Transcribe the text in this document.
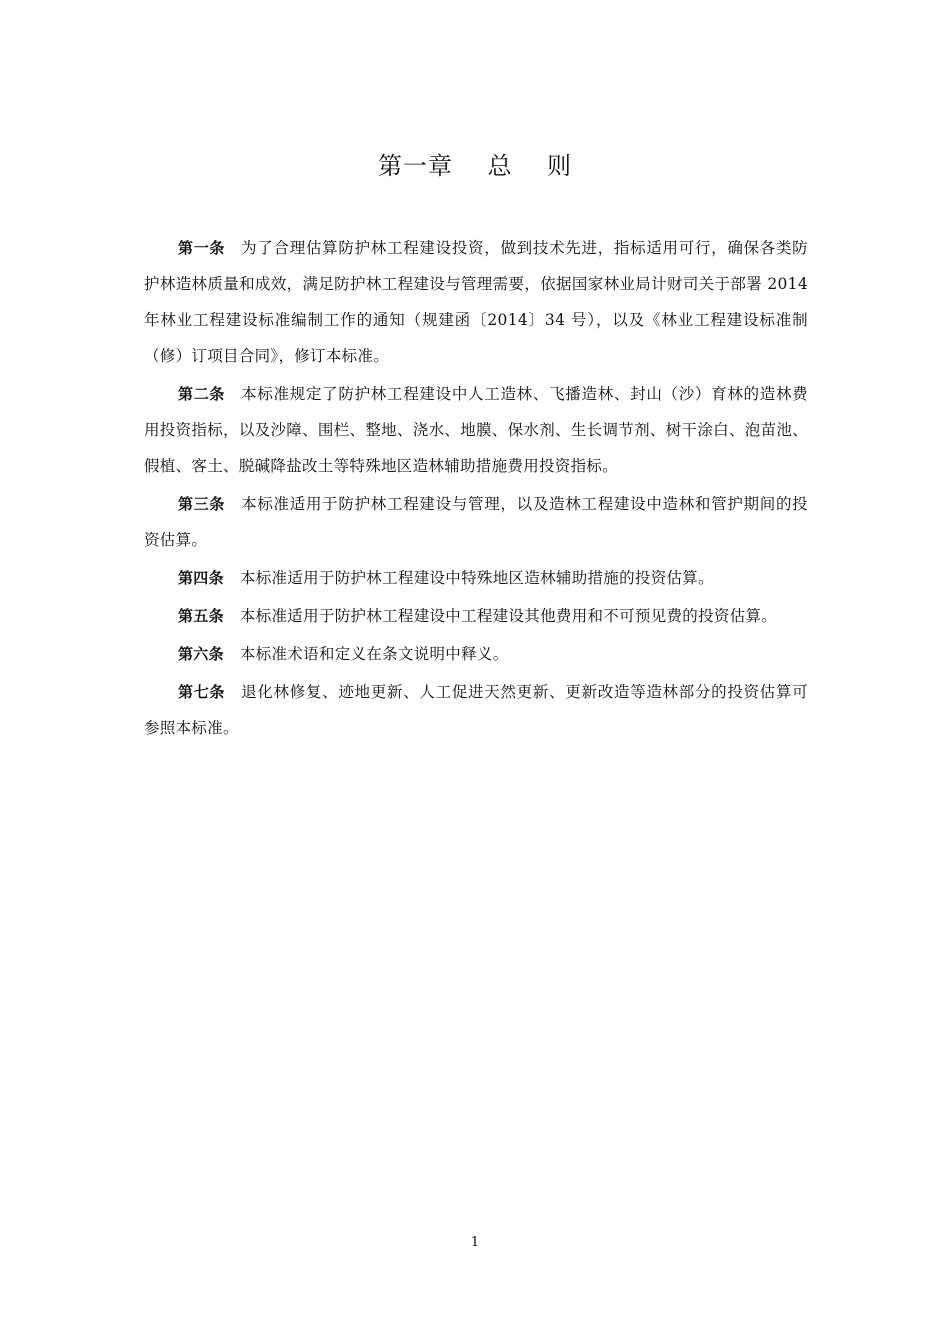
第一章    总    则

第一条 为了合理估算防护林工程建设投资，做到技术先进，指标适用可行，确保各类防护林造林质量和成效，满足防护林工程建设与管理需要，依据国家林业局计财司关于部署 2014 年林业工程建设标准编制工作的通知（规建函〔2014〕34 号），以及《林业工程建设标准制（修）订项目合同》，修订本标准。

第二条 本标准规定了防护林工程建设中人工造林、飞播造林、封山（沙）育林的造林费用投资指标，以及沙障、围栏、整地、浇水、地膜、保水剂、生长调节剂、树干涂白、泡苗池、假植、客土、脱碱降盐改土等特殊地区造林辅助措施费用投资指标。

第三条 本标准适用于防护林工程建设与管理，以及造林工程建设中造林和管护期间的投资估算。

第四条 本标准适用于防护林工程建设中特殊地区造林辅助措施的投资估算。

第五条 本标准适用于防护林工程建设中工程建设其他费用和不可预见费的投资估算。

第六条 本标准术语和定义在条文说明中释义。

第七条 退化林修复、迹地更新、人工促进天然更新、更新改造等造林部分的投资估算可参照本标准。

1
